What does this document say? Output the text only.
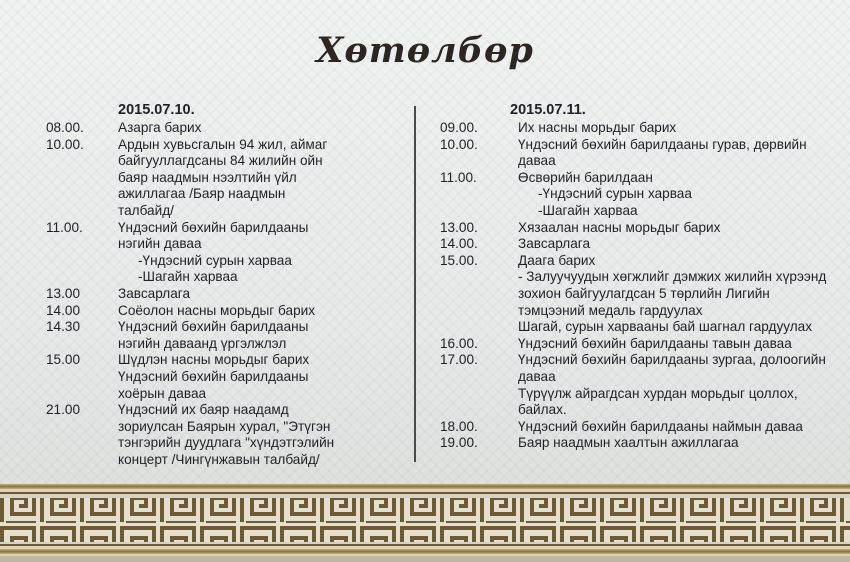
Хөтөлбөр
2015.07.10.
08.00.	Азарга барих
10.00.	Ардын хувьсгалын 94 жил, аймаг
байгууллагдсаны 84 жилийн ойн
баяр наадмын нээлтийн үйл
ажиллагаа /Баяр наадмын
талбайд/
11.00.	Үндэсний бөхийн барилдааны
нэгийн даваа
-Үндэсний сурын харваа
-Шагайн харваа
13.00	Завсарлага
14.00	Соёолон насны морьдыг барих
14.30	Үндэсний бөхийн барилдааны
нэгийн даваанд үргэлжлэл
15.00	Шүдлэн насны морьдыг барих
Үндэсний бөхийн барилдааны
хоёрын даваа
21.00	Үндэсний их баяр наадамд
зориулсан Баярын хурал, "Этүгэн
тэнгэрийн дуудлага "хүндэтгэлийн
концерт /Чингүнжавын талбайд/
2015.07.11.
09.00.	Их насны морьдыг барих
10.00.	Үндэсний бөхийн барилдааны гурав, дөрвийн
даваа
11.00.	Өсвөрийн барилдаан
-Үндэсний сурын харваа
-Шагайн харваа
13.00.	Хязаалан насны морьдыг барих
14.00.	Завсарлага
15.00.	Даага барих
- Залуучуудын хөгжлийг дэмжих жилийн хүрээнд
зохион байгуулагдсан 5 төрлийн Лигийн
тэмцээний медаль гардуулах
Шагай, сурын харвааны бай шагнал гардуулах
16.00.	Үндэсний бөхийн барилдааны тавын даваа
17.00.	Үндэсний бөхийн барилдааны зургаа, долоогийн
даваа
Түрүүлж айрагдсан хурдан морьдыг цоллох,
байлах.
18.00.	Үндэсний бөхийн барилдааны наймын даваа
19.00.	Баяр наадмын хаалтын ажиллагаа
